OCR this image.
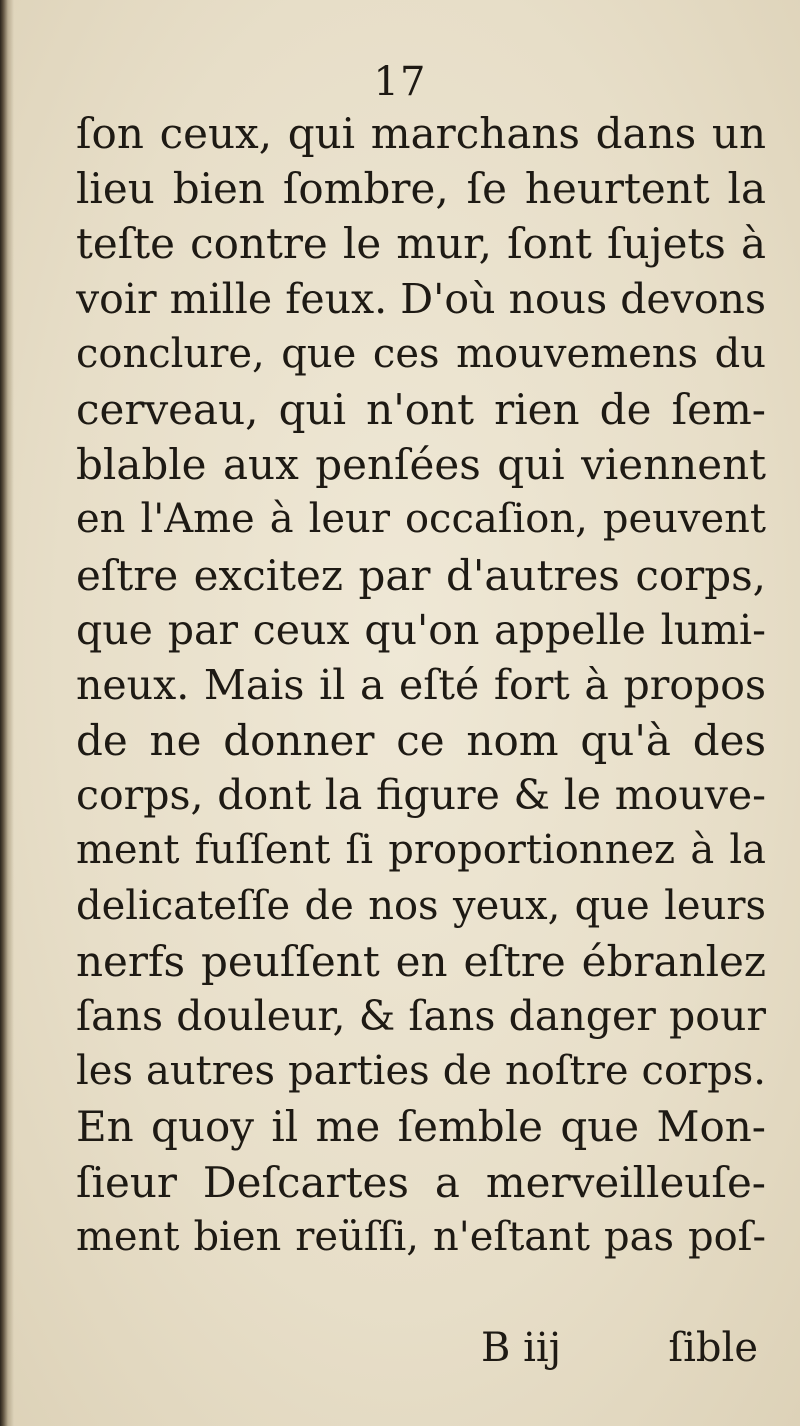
17
ſon ceux, qui marchans dans un
lieu bien ſombre, ſe heurtent la
teſte contre le mur, ſont ſujets à
voir mille feux. D'où nous devons
conclure, que ces mouvemens du
cerveau, qui n'ont rien de ſem-
blable aux penſées qui viennent
en l'Ame à leur occaſion, peuvent
eſtre excitez par d'autres corps,
que par ceux qu'on appelle lumi-
neux. Mais il a eſté fort à propos
de ne donner ce nom qu'à des
corps, dont la figure & le mouve-
ment fuſſent ſi proportionnez à la
delicateſſe de nos yeux, que leurs
nerfs peuſſent en eſtre ébranlez
ſans douleur, & ſans danger pour
les autres parties de noſtre corps.
En quoy il me ſemble que Mon-
ſieur Deſcartes a merveilleuſe-
ment bien reüſſi, n'eſtant pas poſ-
B iij	ſible
